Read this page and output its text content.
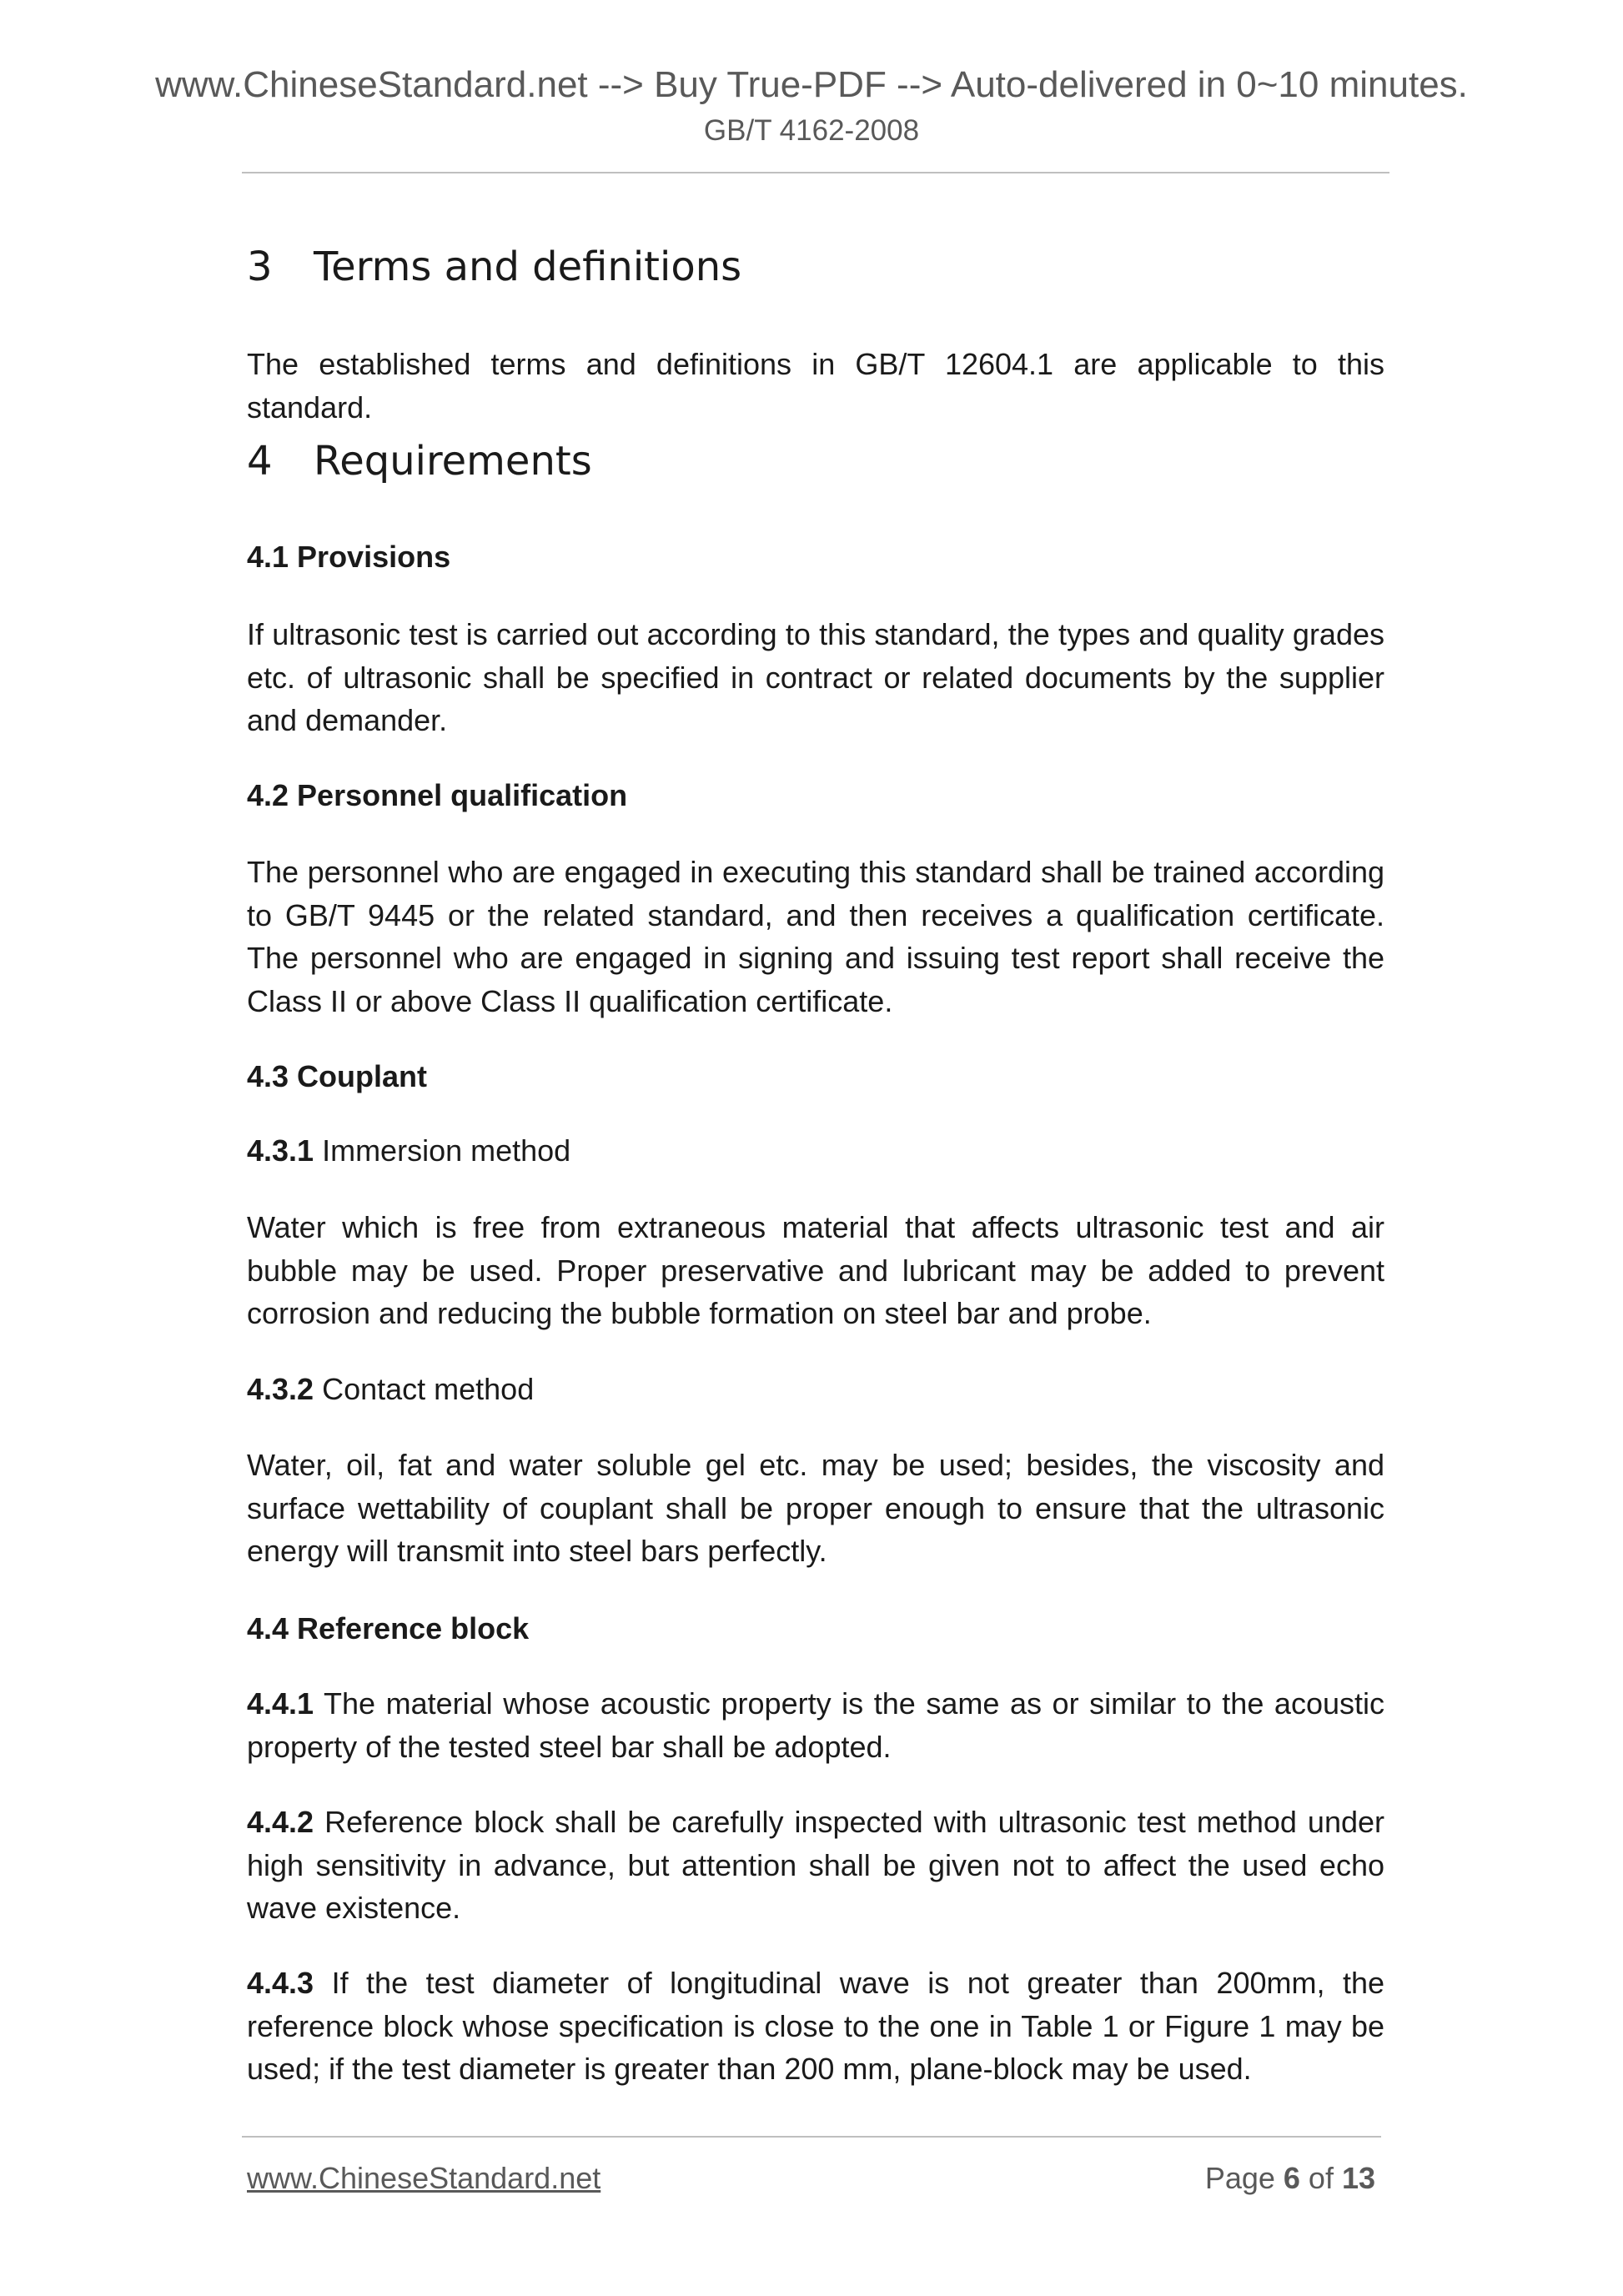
www.ChineseStandard.net --> Buy True-PDF --> Auto-delivered in 0~10 minutes.
GB/T 4162-2008
3 Terms and definitions
The established terms and definitions in GB/T 12604.1 are applicable to this standard.
4 Requirements
4.1 Provisions
If ultrasonic test is carried out according to this standard, the types and quality grades etc. of ultrasonic shall be specified in contract or related documents by the supplier and demander.
4.2 Personnel qualification
The personnel who are engaged in executing this standard shall be trained according to GB/T 9445 or the related standard, and then receives a qualification certificate. The personnel who are engaged in signing and issuing test report shall receive the Class II or above Class II qualification certificate.
4.3 Couplant
4.3.1 Immersion method
Water which is free from extraneous material that affects ultrasonic test and air bubble may be used. Proper preservative and lubricant may be added to prevent corrosion and reducing the bubble formation on steel bar and probe.
4.3.2 Contact method
Water, oil, fat and water soluble gel etc. may be used; besides, the viscosity and surface wettability of couplant shall be proper enough to ensure that the ultrasonic energy will transmit into steel bars perfectly.
4.4 Reference block
4.4.1 The material whose acoustic property is the same as or similar to the acoustic property of the tested steel bar shall be adopted.
4.4.2 Reference block shall be carefully inspected with ultrasonic test method under high sensitivity in advance, but attention shall be given not to affect the used echo wave existence.
4.4.3 If the test diameter of longitudinal wave is not greater than 200mm, the reference block whose specification is close to the one in Table 1 or Figure 1 may be used; if the test diameter is greater than 200 mm, plane-block may be used.
www.ChineseStandard.net	Page 6 of 13
